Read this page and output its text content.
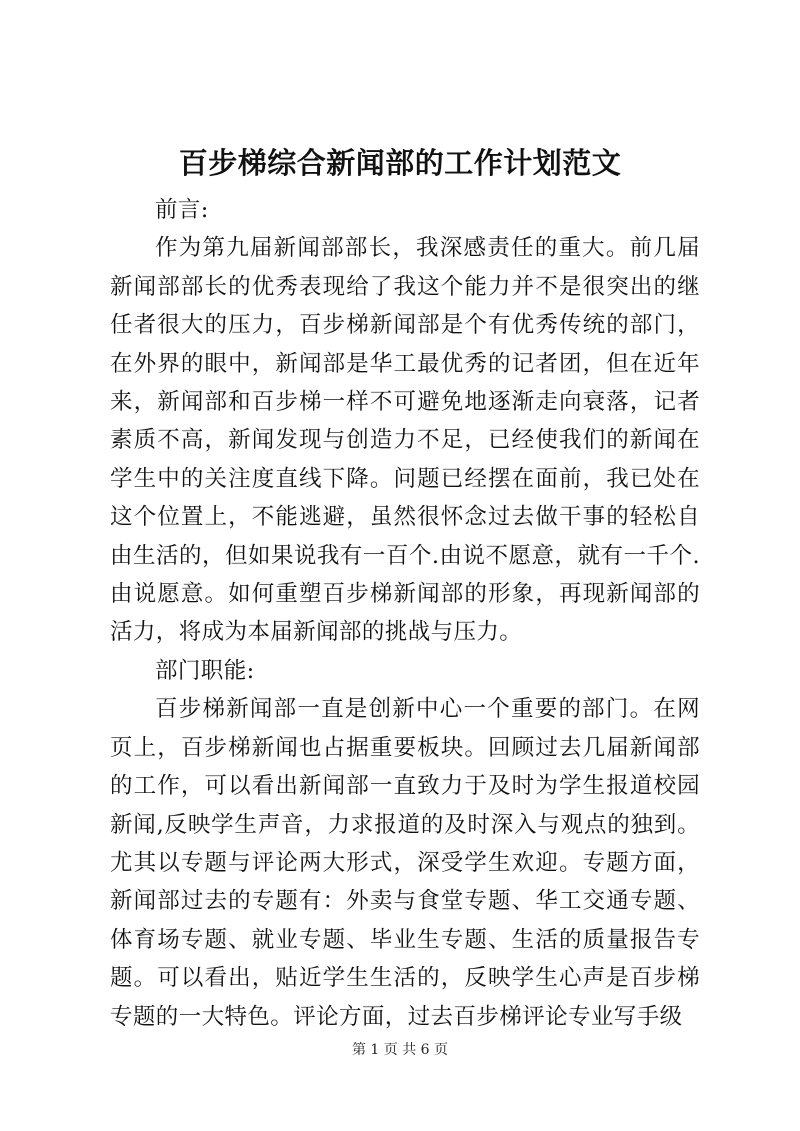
百步梯综合新闻部的工作计划范文

前言:

作为第九届新闻部部长，我深感责任的重大。前几届新闻部部长的优秀表现给了我这个能力并不是很突出的继任者很大的压力，百步梯新闻部是个有优秀传统的部门，在外界的眼中，新闻部是华工最优秀的记者团，但在近年来，新闻部和百步梯一样不可避免地逐渐走向衰落，记者素质不高，新闻发现与创造力不足，已经使我们的新闻在学生中的关注度直线下降。问题已经摆在面前，我已处在这个位置上，不能逃避，虽然很怀念过去做干事的轻松自由生活的，但如果说我有一百个.由说不愿意，就有一千个.由说愿意。如何重塑百步梯新闻部的形象，再现新闻部的活力，将成为本届新闻部的挑战与压力。

部门职能:

百步梯新闻部一直是创新中心一个重要的部门。在网页上，百步梯新闻也占据重要板块。回顾过去几届新闻部的工作，可以看出新闻部一直致力于及时为学生报道校园新闻,反映学生声音，力求报道的及时深入与观点的独到。尤其以专题与评论两大形式，深受学生欢迎。专题方面，新闻部过去的专题有：外卖与食堂专题、华工交通专题、体育场专题、就业专题、毕业生专题、生活的质量报告专题。可以看出，贴近学生生活的，反映学生心声是百步梯专题的一大特色。评论方面，过去百步梯评论专业写手级

第 1 页 共 6 页
